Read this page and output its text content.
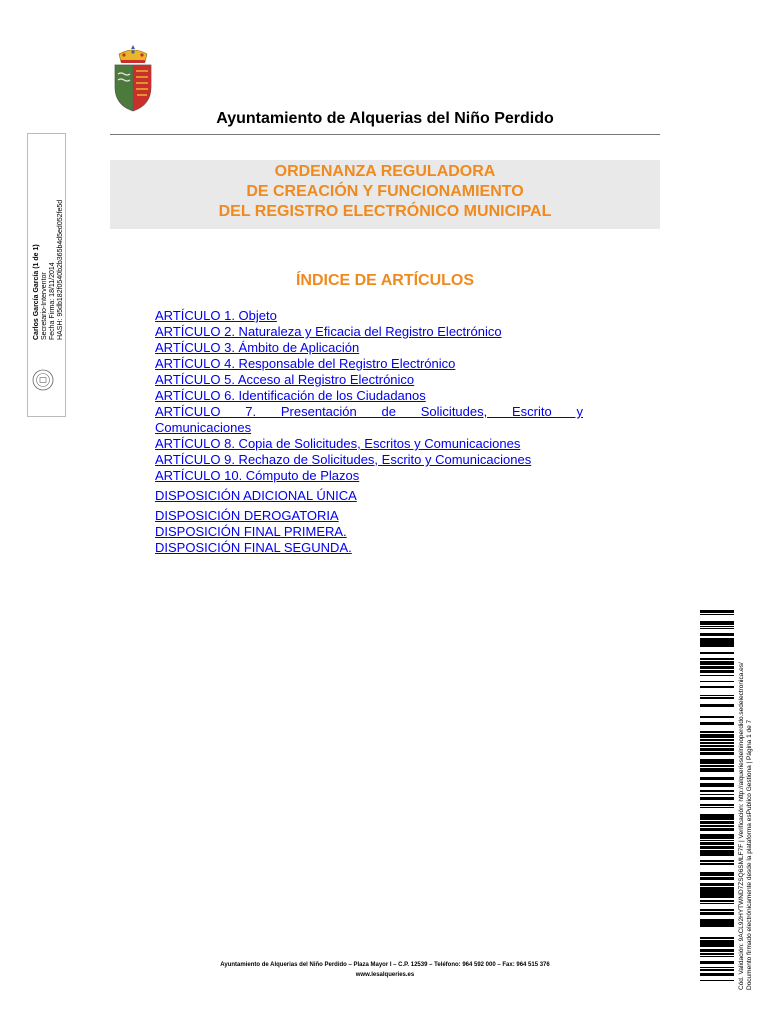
Ayuntamiento de Alquerias del Niño Perdido
ORDENANZA REGULADORA
DE CREACIÓN Y FUNCIONAMIENTO
DEL REGISTRO ELECTRÓNICO MUNICIPAL
ÍNDICE DE ARTÍCULOS
ARTÍCULO 1. Objeto
ARTÍCULO 2. Naturaleza y Eficacia del Registro Electrónico
ARTÍCULO 3. Ámbito de Aplicación
ARTÍCULO 4. Responsable del Registro Electrónico
ARTÍCULO 5. Acceso al Registro Electrónico
ARTÍCULO 6. Identificación de los Ciudadanos
ARTÍCULO 7. Presentación de Solicitudes, Escrito y
Comunicaciones
ARTÍCULO 8. Copia de Solicitudes, Escritos y Comunicaciones
ARTÍCULO 9. Rechazo de Solicitudes, Escrito y Comunicaciones
ARTÍCULO 10. Cómputo de Plazos
DISPOSICIÓN ADICIONAL ÚNICA
DISPOSICIÓN DEROGATORIA
DISPOSICIÓN FINAL PRIMERA.
DISPOSICIÓN FINAL SEGUNDA.
Carlos García García (1 de 1) Secretario-Interventor Fecha Firma: 18/11/2014 HASH: 95db182f0540b2b365b4d5ed052fe5d
Cód. Validación: 9ACL92HYTWND7ZSQ6SMLF7F | Verificación: http://alqueriesdelninoperdido.sedelectronica.es/ Documento firmado electrónicamente desde la plataforma esPublico Gestiona | Página 1 de 7
Ayuntamiento de Alquerias del Niño Perdido – Plaza Mayor I – C.P. 12539 – Teléfono: 964 592 000 – Fax: 964 515 376
www.lesalqueries.es
